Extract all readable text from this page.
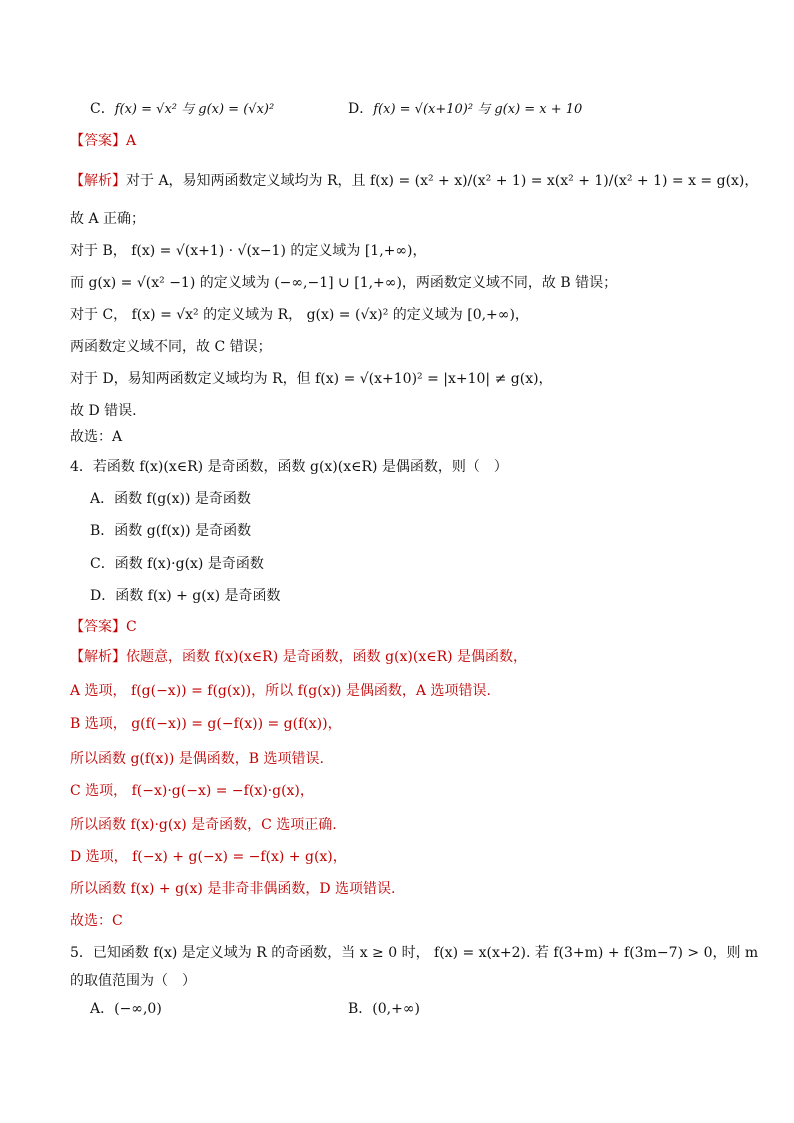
C．f(x) = √x² 与 g(x) = (√x)²	D．f(x) = √(x+10)² 与 g(x) = x + 10
【答案】A
【解析】对于 A，易知两函数定义域均为 R，且 f(x) = (x² + x)/(x² + 1) = x(x² + 1)/(x² + 1) = x = g(x)，
故 A 正确；
对于 B， f(x) = √(x+1) · √(x−1) 的定义域为 [1,+∞)，
而 g(x) = √(x² −1) 的定义域为 (−∞,−1] ∪ [1,+∞)，两函数定义域不同，故 B 错误；
对于 C， f(x) = √x² 的定义域为 R， g(x) = (√x)² 的定义域为 [0,+∞)，
两函数定义域不同，故 C 错误；
对于 D，易知两函数定义域均为 R，但 f(x) = √(x+10)² = |x+10| ≠ g(x)，
故 D 错误.
故选：A
4．若函数 f(x)(x∈R) 是奇函数，函数 g(x)(x∈R) 是偶函数，则（　）
A．函数 f(g(x)) 是奇函数
B．函数 g(f(x)) 是奇函数
C．函数 f(x)·g(x) 是奇函数
D．函数 f(x) + g(x) 是奇函数
【答案】C
【解析】依题意，函数 f(x)(x∈R) 是奇函数，函数 g(x)(x∈R) 是偶函数，
A 选项， f(g(−x)) = f(g(x))，所以 f(g(x)) 是偶函数，A 选项错误.
B 选项， g(f(−x)) = g(−f(x)) = g(f(x))，
所以函数 g(f(x)) 是偶函数，B 选项错误.
C 选项， f(−x)·g(−x) = −f(x)·g(x)，
所以函数 f(x)·g(x) 是奇函数，C 选项正确.
D 选项， f(−x) + g(−x) = −f(x) + g(x)，
所以函数 f(x) + g(x) 是非奇非偶函数，D 选项错误.
故选：C
5．已知函数 f(x) 是定义域为 R 的奇函数，当 x ≥ 0 时， f(x) = x(x+2). 若 f(3+m) + f(3m−7) > 0，则 m
的取值范围为（　）
A．(−∞,0)	B．(0,+∞)
